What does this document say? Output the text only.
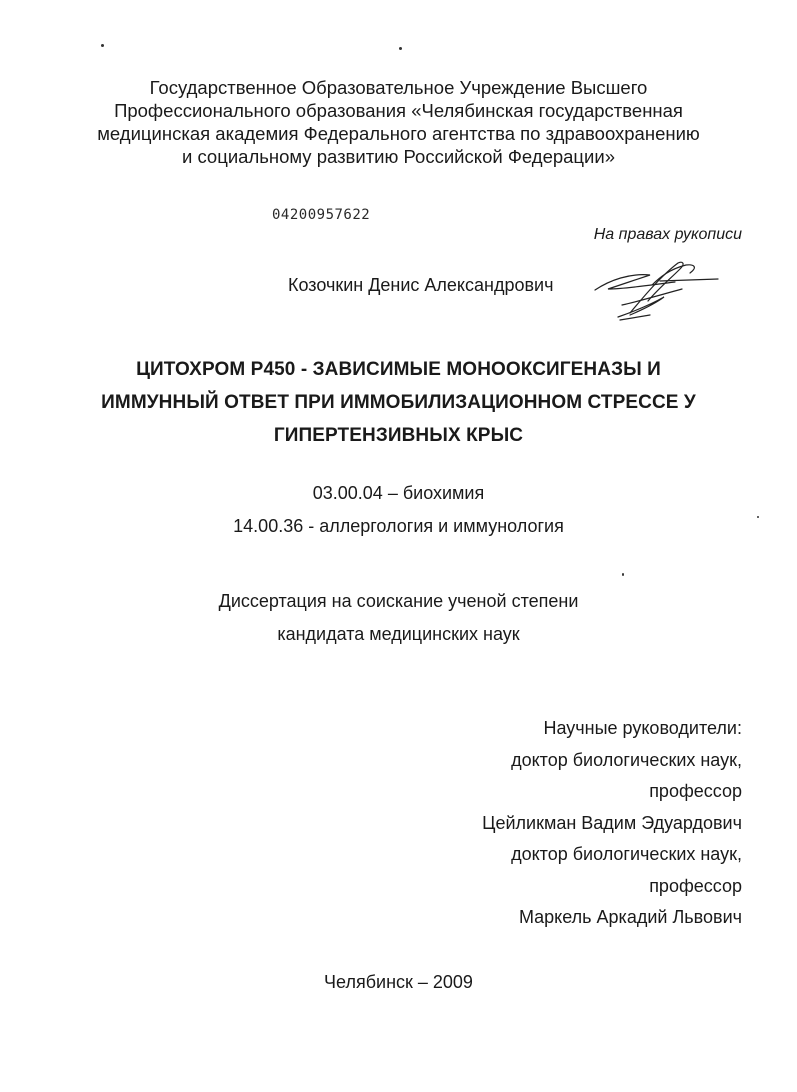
Государственное Образовательное Учреждение Высшего
Профессионального образования «Челябинская государственная
медицинская академия Федерального агентства по здравоохранению
и социальному развитию Российской Федерации»
04200957622
На правах рукописи
Козочкин Денис Александрович
ЦИТОХРОМ Р450 - ЗАВИСИМЫЕ МОНООКСИГЕНАЗЫ И
ИММУННЫЙ ОТВЕТ ПРИ ИММОБИЛИЗАЦИОННОМ СТРЕССЕ У
ГИПЕРТЕНЗИВНЫХ КРЫС
03.00.04 – биохимия
14.00.36 - аллергология и иммунология
Диссертация на соискание ученой степени
кандидата медицинских наук
Научные руководители:
доктор биологических наук,
профессор
Цейликман Вадим Эдуардович
доктор биологических наук,
профессор
Маркель Аркадий Львович
Челябинск – 2009
